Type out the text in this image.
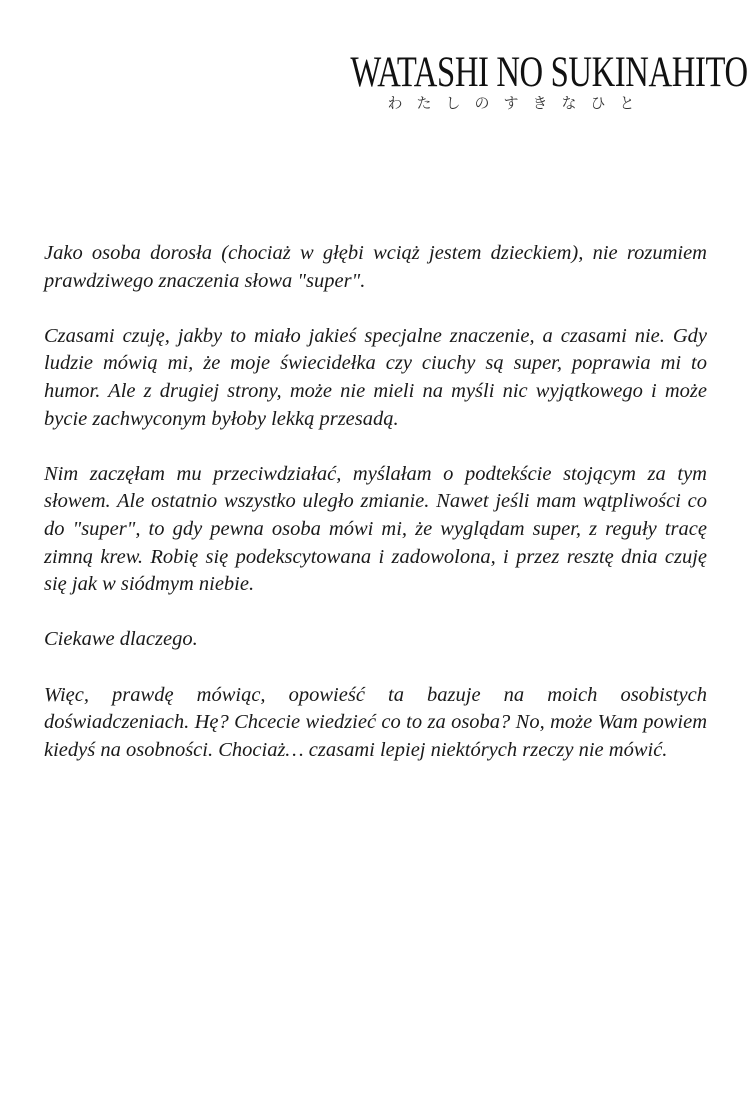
WATASHI NO SUKINAHITO
わたしのすきなひと

Jako osoba dorosła (chociaż w głębi wciąż jestem dzieckiem), nie rozumiem prawdziwego znaczenia słowa "super".

Czasami czuję, jakby to miało jakieś specjalne znaczenie, a czasami nie. Gdy ludzie mówią mi, że moje świecidełka czy ciuchy są super, poprawia mi to humor. Ale z drugiej strony, może nie mieli na myśli nic wyjątkowego i może bycie zachwyconym byłoby lekką przesadą.

Nim zaczęłam mu przeciwdziałać, myślałam o podtekście stojącym za tym słowem. Ale ostatnio wszystko uległo zmianie. Nawet jeśli mam wątpliwości co do "super", to gdy pewna osoba mówi mi, że wyglądam super, z reguły tracę zimną krew. Robię się podekscytowana i zadowolona, i przez resztę dnia czuję się jak w siódmym niebie.

Ciekawe dlaczego.

Więc, prawdę mówiąc, opowieść ta bazuje na moich osobistych doświadczeniach. Hę? Chcecie wiedzieć co to za osoba? No, może Wam powiem kiedyś na osobności. Chociaż… czasami lepiej niektórych rzeczy nie mówić.
